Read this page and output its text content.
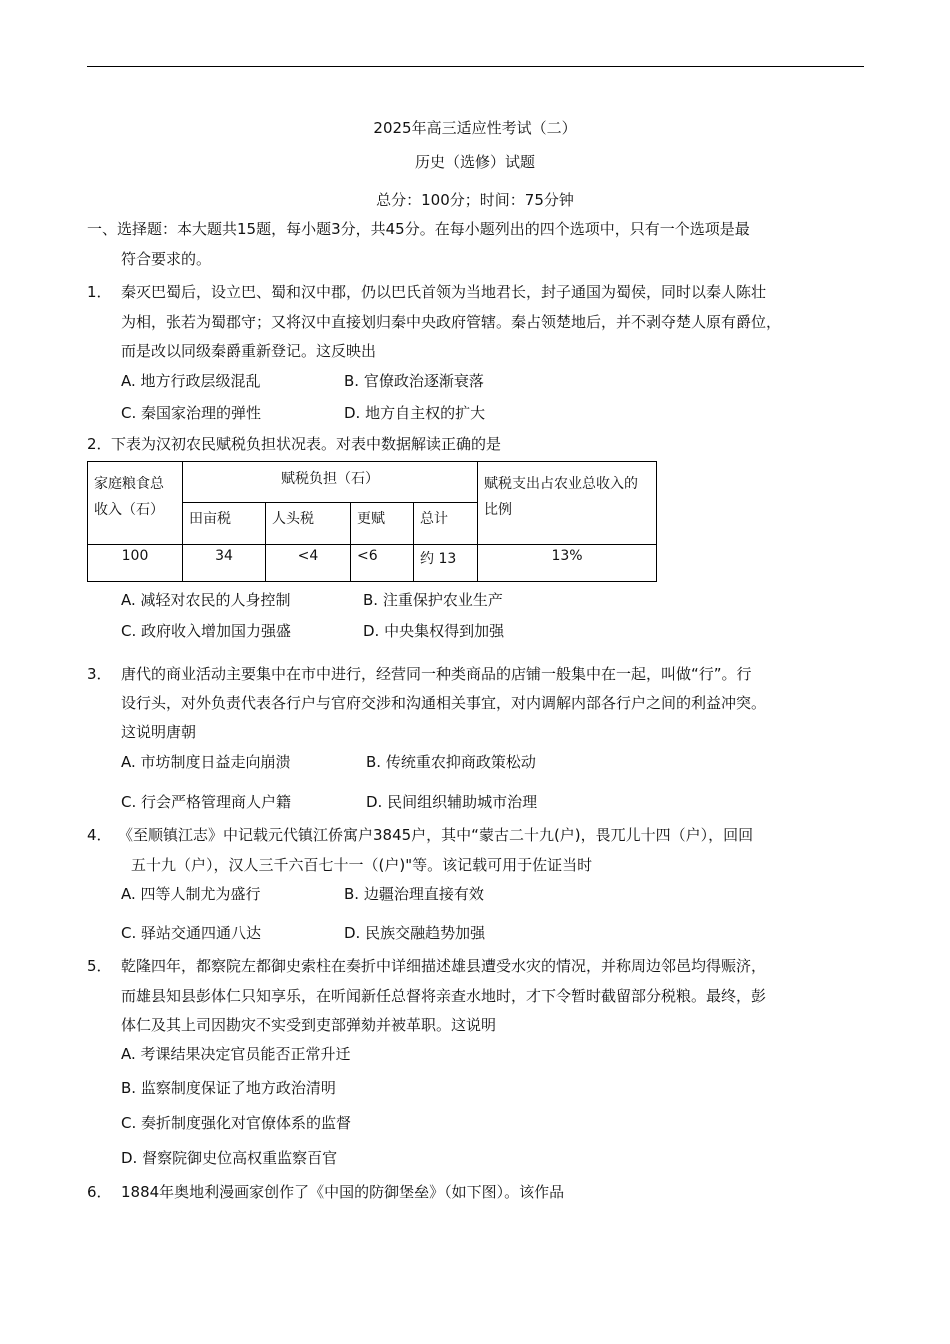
2025年高三适应性考试（二）
历史（选修）试题
总分：100分；时间：75分钟
一、选择题：本大题共15题，每小题3分，共45分。在每小题列出的四个选项中，只有一个选项是最
符合要求的。
1． 秦灭巴蜀后，设立巴、蜀和汉中郡，仍以巴氏首领为当地君长，封子通国为蜀侯，同时以秦人陈壮
为相，张若为蜀郡守；又将汉中直接划归秦中央政府管辖。秦占领楚地后，并不剥夺楚人原有爵位，
而是改以同级秦爵重新登记。这反映出
A. 地方行政层级混乱	B. 官僚政治逐渐衰落
C. 秦国家治理的弹性	D. 地方自主权的扩大
2． 下表为汉初农民赋税负担状况表。对表中数据解读正确的是
家庭粮食总收入（石）	赋税负担（石）				赋税支出占农业总收入的比例
	田亩税	人头税	更赋	总计	
100	34	<4	<6	约 13	13%
A. 减轻对农民的人身控制	B. 注重保护农业生产
C. 政府收入增加国力强盛	D. 中央集权得到加强
3． 唐代的商业活动主要集中在市中进行，经营同一种类商品的店铺一般集中在一起，叫做“行”。行
设行头，对外负责代表各行户与官府交涉和沟通相关事宜，对内调解内部各行户之间的利益冲突。
这说明唐朝
A. 市坊制度日益走向崩溃	B. 传统重农抑商政策松动
C. 行会严格管理商人户籍	D. 民间组织辅助城市治理
4． 《至顺镇江志》中记载元代镇江侨寓户3845户，其中“蒙古二十九(户)，畏兀儿十四（户），回回
五十九（户），汉人三千六百七十一（(户)"等。该记载可用于佐证当时
A. 四等人制尤为盛行	B. 边疆治理直接有效
C. 驿站交通四通八达	D. 民族交融趋势加强
5． 乾隆四年，都察院左都御史索柱在奏折中详细描述雄县遭受水灾的情况，并称周边邻邑均得赈济，
而雄县知县彭体仁只知享乐，在听闻新任总督将亲查水地时，才下令暂时截留部分税粮。最终，彭
体仁及其上司因勘灾不实受到吏部弹劾并被革职。这说明
A. 考课结果决定官员能否正常升迁
B. 监察制度保证了地方政治清明
C. 奏折制度强化对官僚体系的监督
D. 督察院御史位高权重监察百官
6． 1884年奥地利漫画家创作了《中国的防御堡垒》（如下图）。该作品
